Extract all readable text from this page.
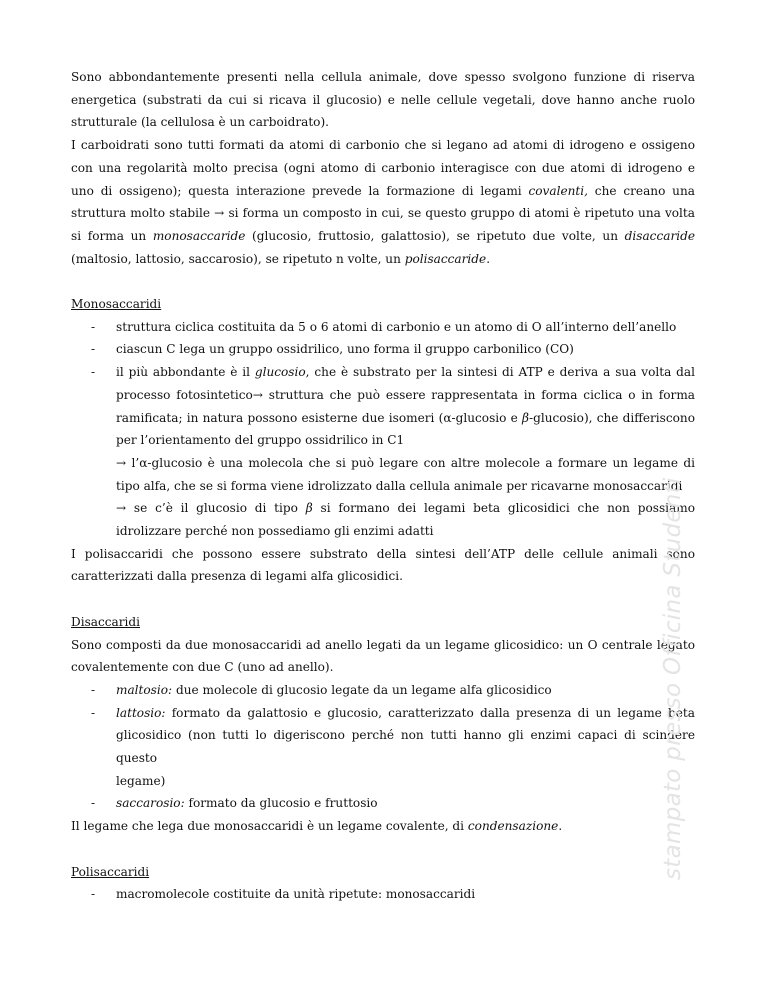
Sono abbondantemente presenti nella cellula animale, dove spesso svolgono funzione di riserva energetica (substrati da cui si ricava il glucosio) e nelle cellule vegetali, dove hanno anche ruolo strutturale (la cellulosa è un carboidrato).

I carboidrati sono tutti formati da atomi di carbonio che si legano ad atomi di idrogeno e ossigeno con una regolarità molto precisa (ogni atomo di carbonio interagisce con due atomi di idrogeno e uno di ossigeno); questa interazione prevede la formazione di legami covalenti, che creano una struttura molto stabile → si forma un composto in cui, se questo gruppo di atomi è ripetuto una volta si forma un monosaccaride (glucosio, fruttosio, galattosio), se ripetuto due volte, un disaccaride (maltosio, lattosio, saccarosio), se ripetuto n volte, un polisaccaride.

Monosaccaridi
- struttura ciclica costituita da 5 o 6 atomi di carbonio e un atomo di O all’interno dell’anello
- ciascun C lega un gruppo ossidrilico, uno forma il gruppo carbonilico (CO)
- il più abbondante è il glucosio, che è substrato per la sintesi di ATP e deriva a sua volta dal processo fotosintetico→ struttura che può essere rappresentata in forma ciclica o in forma ramificata; in natura possono esisterne due isomeri (α-glucosio e β-glucosio), che differiscono per l’orientamento del gruppo ossidrilico in C1
→ l’α-glucosio è una molecola che si può legare con altre molecole a formare un legame di tipo alfa, che se si forma viene idrolizzato dalla cellula animale per ricavarne monosaccaridi
→ se c’è il glucosio di tipo β si formano dei legami beta glicosidici che non possiamo idrolizzare perché non possediamo gli enzimi adatti

I polisaccaridi che possono essere substrato della sintesi dell’ATP delle cellule animali sono caratterizzati dalla presenza di legami alfa glicosidici.

Disaccaridi

Sono composti da due monosaccaridi ad anello legati da un legame glicosidico: un O centrale legato covalentemente con due C (uno ad anello).

- maltosio: due molecole di glucosio legate da un legame alfa glicosidico
- lattosio: formato da galattosio e glucosio, caratterizzato dalla presenza di un legame beta glicosidico (non tutti lo digeriscono perché non tutti hanno gli enzimi capaci di scindere questo
legame)
- saccarosio: formato da glucosio e fruttosio

Il legame che lega due monosaccaridi è un legame covalente, di condensazione.

Polisaccaridi
- macromolecole costituite da unità ripetute: monosaccaridi
stampato presso Officina Studenti
